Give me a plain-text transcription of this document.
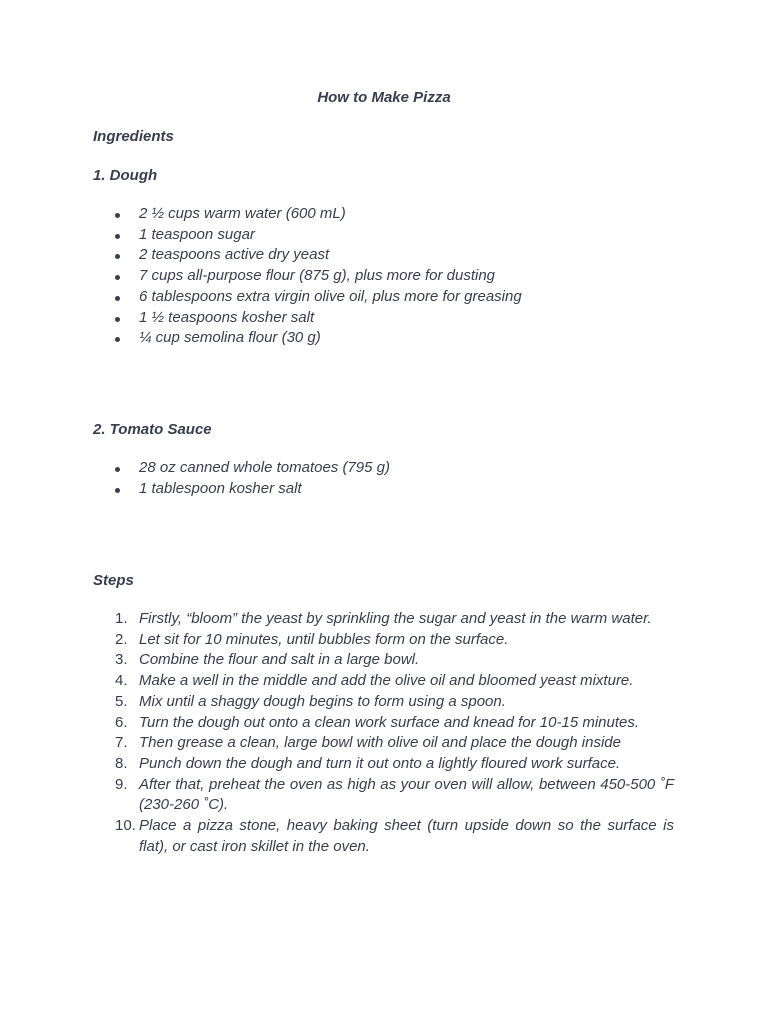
How to Make Pizza
Ingredients
1. Dough
2 ½ cups warm water (600 mL)
1 teaspoon sugar
2 teaspoons active dry yeast
7 cups all-purpose flour (875 g), plus more for dusting
6 tablespoons extra virgin olive oil, plus more for greasing
1 ½ teaspoons kosher salt
¼ cup semolina flour (30 g)
2. Tomato Sauce
28 oz canned whole tomatoes (795 g)
1 tablespoon kosher salt
Steps
1. Firstly, “bloom” the yeast by sprinkling the sugar and yeast in the warm water.
2. Let sit for 10 minutes, until bubbles form on the surface.
3. Combine the flour and salt in a large bowl.
4. Make a well in the middle and add the olive oil and bloomed yeast mixture.
5. Mix until a shaggy dough begins to form using a spoon.
6. Turn the dough out onto a clean work surface and knead for 10-15 minutes.
7. Then grease a clean, large bowl with olive oil and place the dough inside
8. Punch down the dough and turn it out onto a lightly floured work surface.
9. After that, preheat the oven as high as your oven will allow, between 450-500 ˚F (230-260 ˚C).
10. Place a pizza stone, heavy baking sheet (turn upside down so the surface is flat), or cast iron skillet in the oven.
